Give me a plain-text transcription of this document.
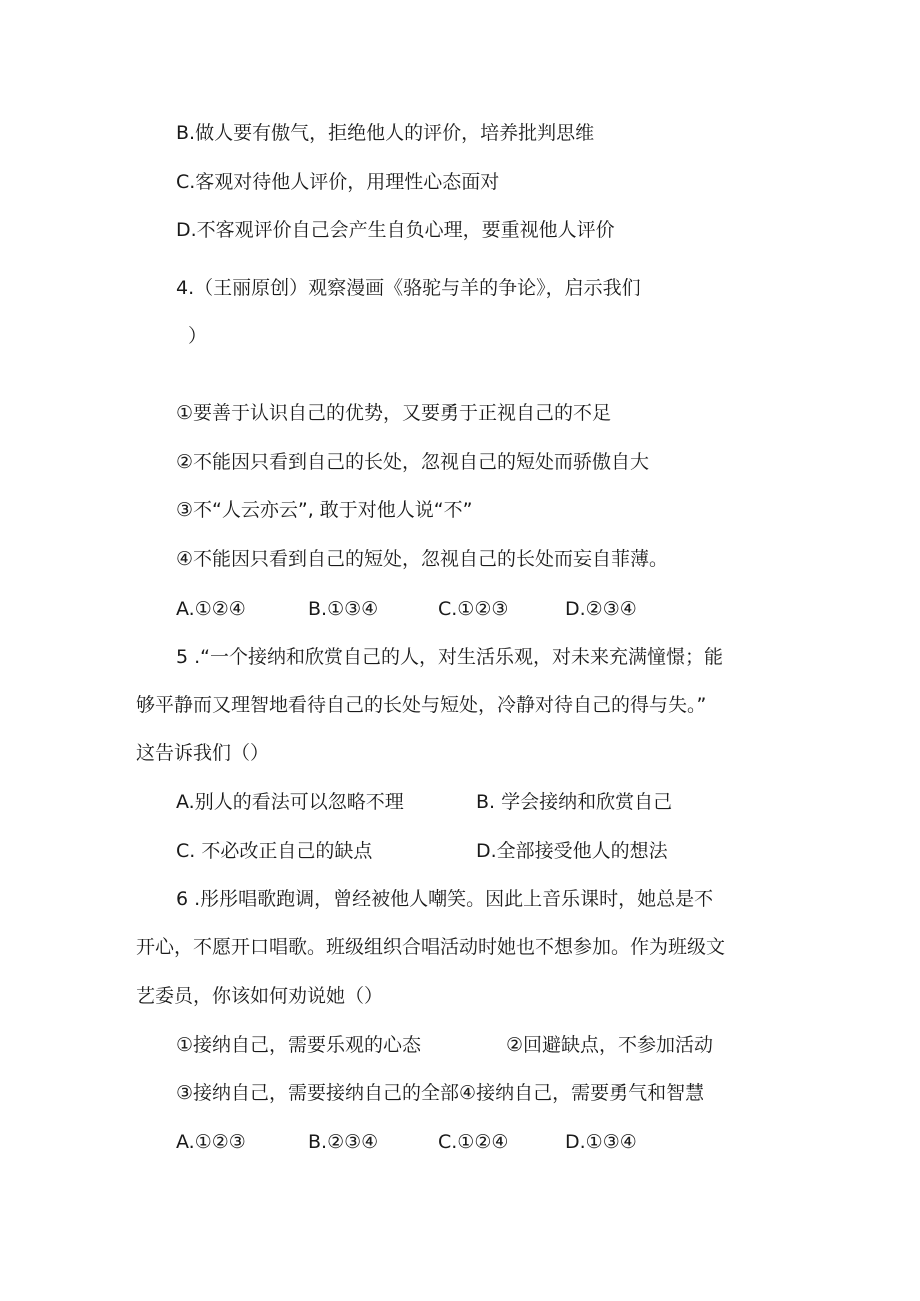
B.做人要有傲气，拒绝他人的评价，培养批判思维
C.客观对待他人评价，用理性心态面对
D.不客观评价自己会产生自负心理，要重视他人评价
4.（王丽原创）观察漫画《骆驼与羊的争论》，启示我们
）
①要善于认识自己的优势，又要勇于正视自己的不足
②不能因只看到自己的长处，忽视自己的短处而骄傲自大
③不“人云亦云”, 敢于对他人说“不”
④不能因只看到自己的短处，忽视自己的长处而妄自菲薄。
A.①②④	B.①③④	C.①②③	D.②③④
5 .“一个接纳和欣赏自己的人，对生活乐观，对未来充满憧憬；能
够平静而又理智地看待自己的长处与短处，冷静对待自己的得与失。”
这告诉我们（）
A.别人的看法可以忽略不理	B. 学会接纳和欣赏自己
C. 不必改正自己的缺点	D.全部接受他人的想法
6 .彤彤唱歌跑调，曾经被他人嘲笑。因此上音乐课时，她总是不
开心，不愿开口唱歌。班级组织合唱活动时她也不想参加。作为班级文
艺委员，你该如何劝说她（）
①接纳自己，需要乐观的心态	②回避缺点，不参加活动
③接纳自己，需要接纳自己的全部④接纳自己，需要勇气和智慧
A.①②③	B.②③④	C.①②④	D.①③④
